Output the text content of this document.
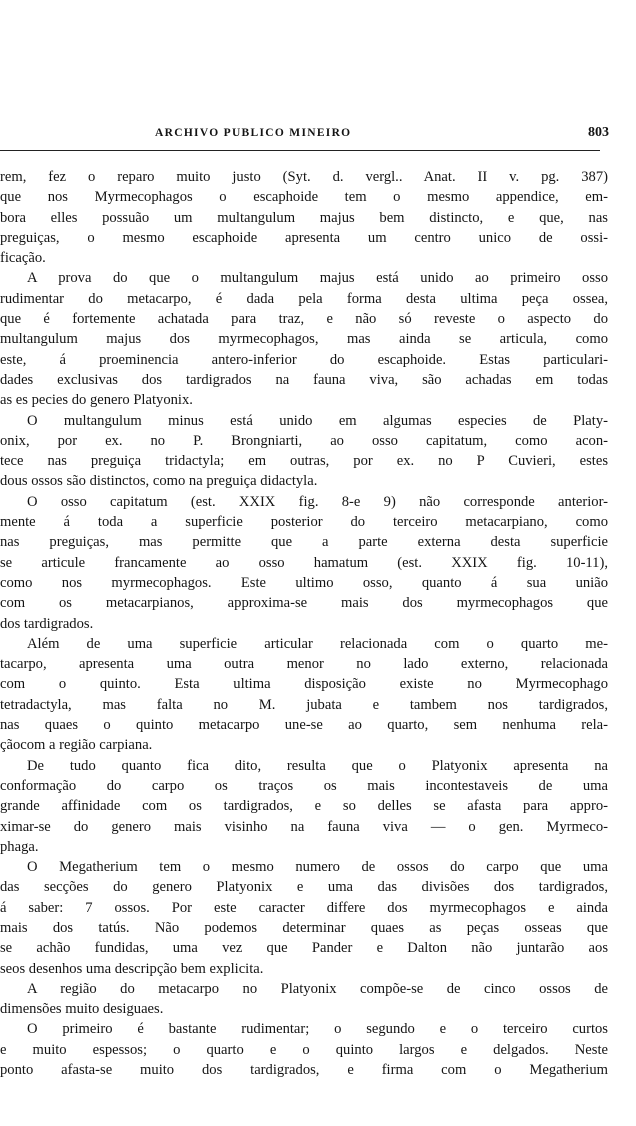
ARCHIVO PUBLICO MINEIRO	803
rem, fez o reparo muito justo (Syt. d. vergl.. Anat. II v. pg. 387)
que nos Myrmecophagos o escaphoide tem o mesmo appendice, em-
bora elles possuão um multangulum majus bem distincto, e que, nas
preguiças, o mesmo escaphoide apresenta um centro unico de ossi-
ficação.
A prova do que o multangulum majus está unido ao primeiro osso
rudimentar do metacarpo, é dada pela forma desta ultima peça ossea,
que é fortemente achatada para traz, e não só reveste o aspecto do
multangulum majus dos myrmecophagos, mas ainda se articula, como
este, á proeminencia antero-inferior do escaphoide. Estas particulari-
dades exclusivas dos tardigrados na fauna viva, são achadas em todas
as es pecies do genero Platyonix.
O multangulum minus está unido em algumas especies de Platy-
onix, por ex. no P. Brongniarti, ao osso capitatum, como acon-
tece nas preguiça tridactyla; em outras, por ex. no P Cuvieri, estes
dous ossos são distinctos, como na preguiça didactyla.
O osso capitatum (est. XXIX fig. 8-e 9) não corresponde anterior-
mente á toda a superficie posterior do terceiro metacarpiano, como
nas preguiças, mas permitte que a parte externa desta superficie
se articule francamente ao osso hamatum (est. XXIX fig. 10-11),
como nos myrmecophagos. Este ultimo osso, quanto á sua união
com os metacarpianos, approxima-se mais dos myrmecophagos que
dos tardigrados.
Além de uma superficie articular relacionada com o quarto me-
tacarpo, apresenta uma outra menor no lado externo, relacionada
com o quinto. Esta ultima disposição existe no Myrmecophago
tetradactyla, mas falta no M. jubata e tambem nos tardigrados,
nas quaes o quinto metacarpo une-se ao quarto, sem nenhuma rela-
çãocom a região carpiana.
De tudo quanto fica dito, resulta que o Platyonix apresenta na
conformação do carpo os traços os mais incontestaveis de uma
grande affinidade com os tardigrados, e so delles se afasta para appro-
ximar-se do genero mais visinho na fauna viva — o gen. Myrmeco-
phaga.
O Megatherium tem o mesmo numero de ossos do carpo que uma
das secções do genero Platyonix e uma das divisões dos tardigrados,
á saber: 7 ossos. Por este caracter differe dos myrmecophagos e ainda
mais dos tatús. Não podemos determinar quaes as peças osseas que
se achão fundidas, uma vez que Pander e Dalton não juntarão aos
seos desenhos uma descripção bem explicita.
A região do metacarpo no Platyonix compõe-se de cinco ossos de
dimensões muito desiguaes.
O primeiro é bastante rudimentar; o segundo e o terceiro curtos
e muito espessos; o quarto e o quinto largos e delgados. Neste
ponto afasta-se muito dos tardigrados, e firma com o Megatherium
